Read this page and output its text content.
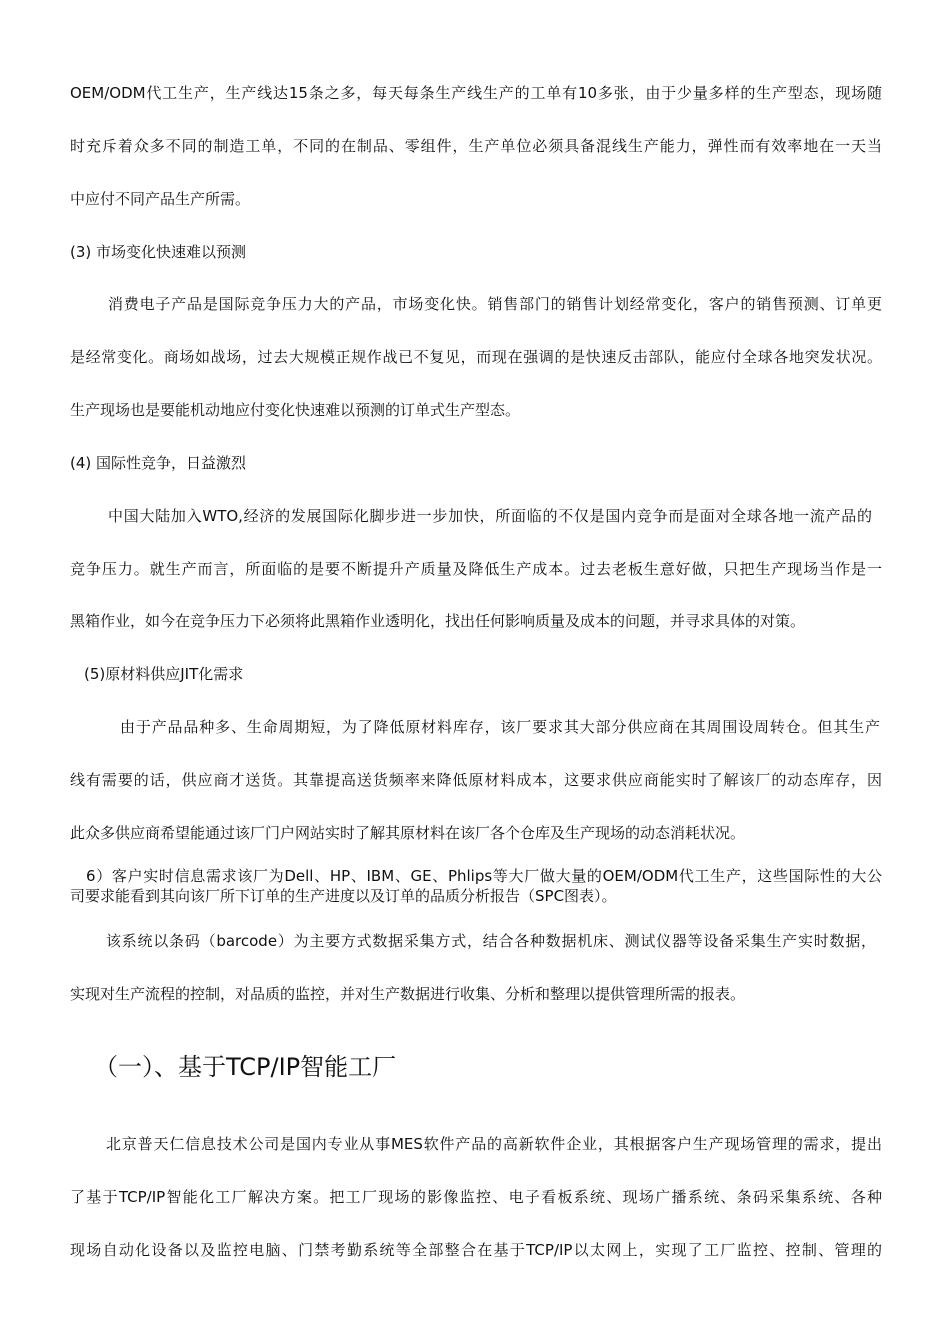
OEM/ODM代工生产，生产线达15条之多，每天每条生产线生产的工单有10多张，由于少量多样的生产型态，现场随
时充斥着众多不同的制造工单，不同的在制品、零组件，生产单位必须具备混线生产能力，弹性而有效率地在一天当
中应付不同产品生产所需。
(3) 市场变化快速难以预测
消费电子产品是国际竞争压力大的产品，市场变化快。销售部门的销售计划经常变化，客户的销售预测、订单更
是经常变化。商场如战场，过去大规模正规作战已不复见，而现在强调的是快速反击部队，能应付全球各地突发状况。
生产现场也是要能机动地应付变化快速难以预测的订单式生产型态。
(4) 国际性竞争，日益激烈
中国大陆加入WTO,经济的发展国际化脚步进一步加快，所面临的不仅是国内竞争而是面对全球各地一流产品的
竞争压力。就生产而言，所面临的是要不断提升产质量及降低生产成本。过去老板生意好做，只把生产现场当作是一
黑箱作业，如今在竞争压力下必须将此黑箱作业透明化，找出任何影响质量及成本的问题，并寻求具体的对策。
(5)原材料供应JIT化需求
由于产品品种多、生命周期短，为了降低原材料库存，该厂要求其大部分供应商在其周围设周转仓。但其生产
线有需要的话，供应商才送货。其靠提高送货频率来降低原材料成本，这要求供应商能实时了解该厂的动态库存，因
此众多供应商希望能通过该厂门户网站实时了解其原材料在该厂各个仓库及生产现场的动态消耗状况。
6）客户实时信息需求该厂为Dell、HP、IBM、GE、Phlips等大厂做大量的OEM/ODM代工生产，这些国际性的大公
司要求能看到其向该厂所下订单的生产进度以及订单的品质分析报告（SPC图表）。
该系统以条码（barcode）为主要方式数据采集方式，结合各种数据机床、测试仪器等设备采集生产实时数据，
实现对生产流程的控制，对品质的监控，并对生产数据进行收集、分析和整理以提供管理所需的报表。
（一）、基于TCP/IP智能工厂
北京普天仁信息技术公司是国内专业从事MES软件产品的高新软件企业，其根据客户生产现场管理的需求，提出
了基于TCP/IP智能化工厂解决方案。把工厂现场的影像监控、电子看板系统、现场广播系统、条码采集系统、各种
现场自动化设备以及监控电脑、门禁考勤系统等全部整合在基于TCP/IP以太网上，实现了工厂监控、控制、管理的
